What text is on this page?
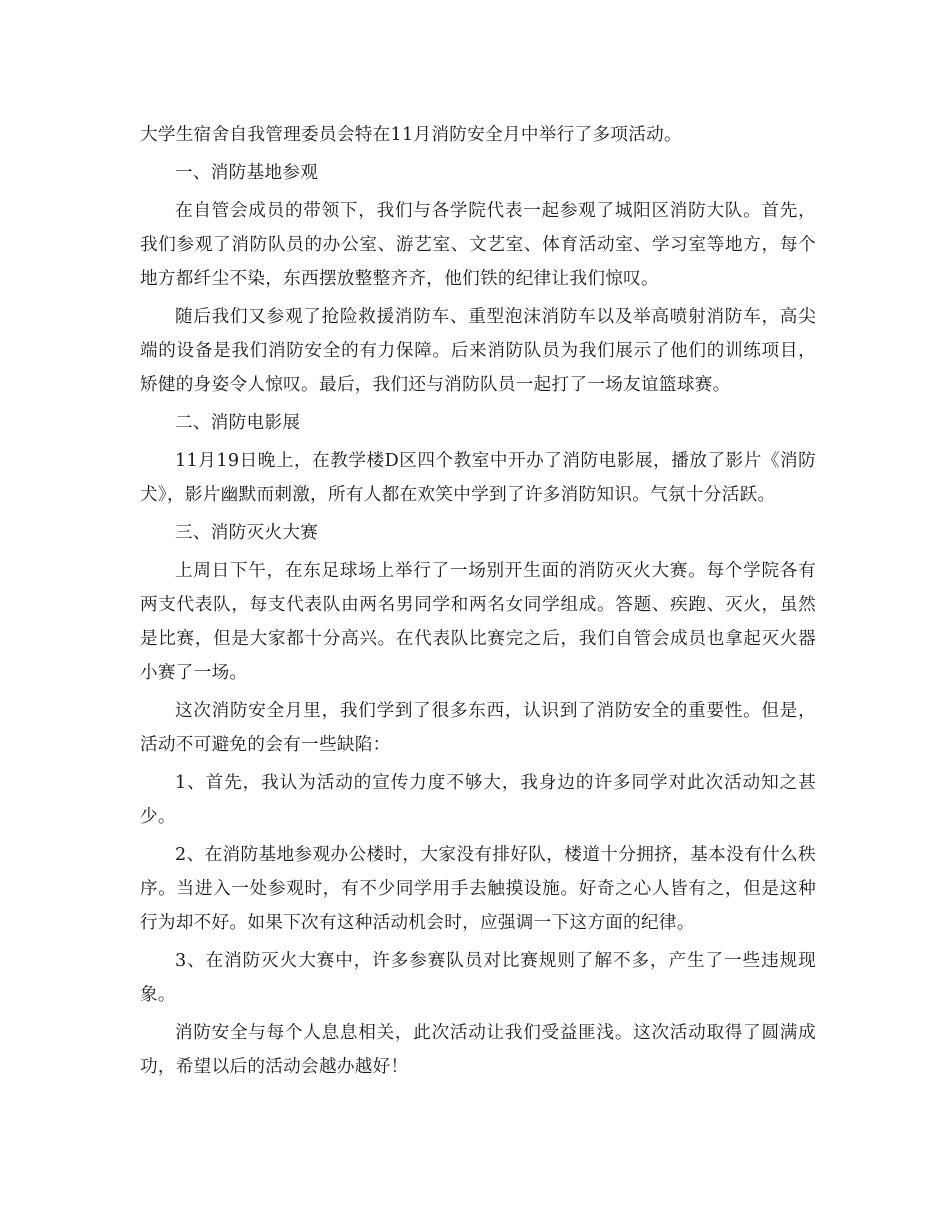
大学生宿舍自我管理委员会特在11月消防安全月中举行了多项活动。

一、消防基地参观

在自管会成员的带领下，我们与各学院代表一起参观了城阳区消防大队。首先，我们参观了消防队员的办公室、游艺室、文艺室、体育活动室、学习室等地方，每个地方都纤尘不染，东西摆放整整齐齐，他们铁的纪律让我们惊叹。

随后我们又参观了抢险救援消防车、重型泡沫消防车以及举高喷射消防车，高尖端的设备是我们消防安全的有力保障。后来消防队员为我们展示了他们的训练项目，矫健的身姿令人惊叹。最后，我们还与消防队员一起打了一场友谊篮球赛。

二、消防电影展

11月19日晚上，在教学楼D区四个教室中开办了消防电影展，播放了影片《消防犬》，影片幽默而刺激，所有人都在欢笑中学到了许多消防知识。气氛十分活跃。

三、消防灭火大赛

上周日下午，在东足球场上举行了一场别开生面的消防灭火大赛。每个学院各有两支代表队，每支代表队由两名男同学和两名女同学组成。答题、疾跑、灭火，虽然是比赛，但是大家都十分高兴。在代表队比赛完之后，我们自管会成员也拿起灭火器小赛了一场。

这次消防安全月里，我们学到了很多东西，认识到了消防安全的重要性。但是，活动不可避免的会有一些缺陷：

1、首先，我认为活动的宣传力度不够大，我身边的许多同学对此次活动知之甚少。

2、在消防基地参观办公楼时，大家没有排好队，楼道十分拥挤，基本没有什么秩序。当进入一处参观时，有不少同学用手去触摸设施。好奇之心人皆有之，但是这种行为却不好。如果下次有这种活动机会时，应强调一下这方面的纪律。

3、在消防灭火大赛中，许多参赛队员对比赛规则了解不多，产生了一些违规现象。

消防安全与每个人息息相关，此次活动让我们受益匪浅。这次活动取得了圆满成功，希望以后的活动会越办越好！
